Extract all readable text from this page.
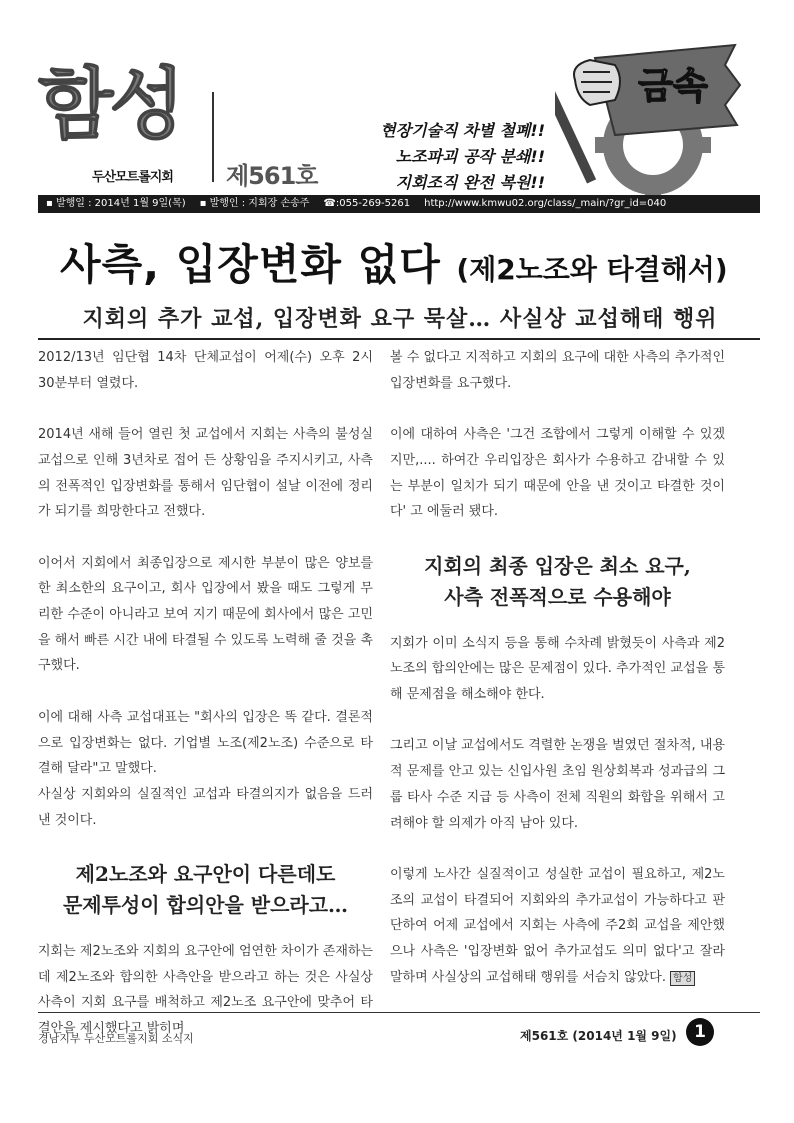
함성
두산모트롤지회 제561호
현장기술직 차별 철폐!!
노조파괴 공작 분쇄!!
지회조직 완전 복원!!
금속
▪ 발행일 : 2014년 1월 9일(목) ▪ 발행인 : 지회장 손송주 ☎:055-269-5261 http://www.kmwu02.org/class/_main/?gr_id=040
사측, 입장변화 없다 (제2노조와 타결해서)
지회의 추가 교섭, 입장변화 요구 묵살… 사실상 교섭해태 행위

2012/13년 임단협 14차 단체교섭이 어제(수) 오후 2시 30분부터 열렸다.

2014년 새해 들어 열린 첫 교섭에서 지회는 사측의 불성실교섭으로 인해 3년차로 접어 든 상황임을 주지시키고, 사측의 전폭적인 입장변화를 통해서 임단협이 설날 이전에 정리가 되기를 희망한다고 전했다.

이어서 지회에서 최종입장으로 제시한 부분이 많은 양보를 한 최소한의 요구이고, 회사 입장에서 봤을 때도 그렇게 무리한 수준이 아니라고 보여 지기 때문에 회사에서 많은 고민을 해서 빠른 시간 내에 타결될 수 있도록 노력해 줄 것을 촉구했다.

이에 대해 사측 교섭대표는 "회사의 입장은 똑 같다. 결론적으로 입장변화는 없다. 기업별 노조(제2노조) 수준으로 타결해 달라"고 말했다.

사실상 지회와의 실질적인 교섭과 타결의지가 없음을 드러낸 것이다.

제2노조와 요구안이 다른데도
문제투성이 합의안을 받으라고…

지회는 제2노조와 지회의 요구안에 엄연한 차이가 존재하는데 제2노조와 합의한 사측안을 받으라고 하는 것은 사실상 사측이 지회 요구를 배척하고 제2노조 요구안에 맞추어 타결안을 제시했다고 밝히며

볼 수 없다고 지적하고 지회의 요구에 대한 사측의 추가적인 입장변화를 요구했다.

이에 대하여 사측은 '그건 조합에서 그렇게 이해할 수 있겠지만,.... 하여간 우리입장은 회사가 수용하고 감내할 수 있는 부분이 일치가 되기 때문에 안을 낸 것이고 타결한 것이다' 고 에둘러 됐다.

지회의 최종 입장은 최소 요구,
사측 전폭적으로 수용해야

지회가 이미 소식지 등을 통해 수차례 밝혔듯이 사측과 제2노조의 합의안에는 많은 문제점이 있다. 추가적인 교섭을 통해 문제점을 해소해야 한다.

그리고 이날 교섭에서도 격렬한 논쟁을 벌였던 절차적, 내용적 문제를 안고 있는 신입사원 초임 원상회복과 성과급의 그룹 타사 수준 지급 등 사측이 전체 직원의 화합을 위해서 고려해야 할 의제가 아직 남아 있다.

이렇게 노사간 실질적이고 성실한 교섭이 필요하고, 제2노조의 교섭이 타결되어 지회와의 추가교섭이 가능하다고 판단하여 어제 교섭에서 지회는 사측에 주2회 교섭을 제안했으나 사측은 '입장변화 없어 추가교섭도 의미 없다'고 잘라 말하며 사실상의 교섭해태 행위를 서슴치 않았다. 함성

경남지부 두산모트롤지회 소식지	제561호 (2014년 1월 9일)	1
